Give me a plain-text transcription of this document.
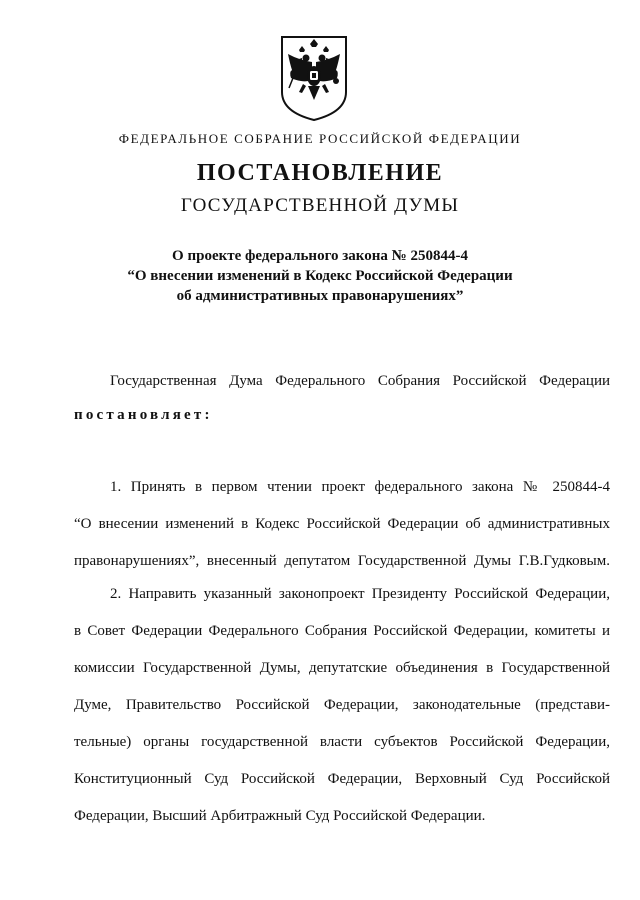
ФЕДЕРАЛЬНОЕ СОБРАНИЕ РОССИЙСКОЙ ФЕДЕРАЦИИ
ПОСТАНОВЛЕНИЕ
ГОСУДАРСТВЕННОЙ ДУМЫ
О проекте федерального закона № 250844-4
“О внесении изменений в Кодекс Российской Федерации
об административных правонарушениях”
Государственная Дума Федерального Собрания Российской Федерации
постановляет:
1. Принять в первом чтении проект федерального закона № 250844-4
“О внесении изменений в Кодекс Российской Федерации об административных
правонарушениях”, внесенный депутатом Государственной Думы Г.В.Гудковым.
2. Направить указанный законопроект Президенту Российской Федерации,
в Совет Федерации Федерального Собрания Российской Федерации, комитеты и
комиссии Государственной Думы, депутатские объединения в Государственной
Думе, Правительство Российской Федерации, законодательные (представи-
тельные) органы государственной власти субъектов Российской Федерации,
Конституционный Суд Российской Федерации, Верховный Суд Российской
Федерации, Высший Арбитражный Суд Российской Федерации.
